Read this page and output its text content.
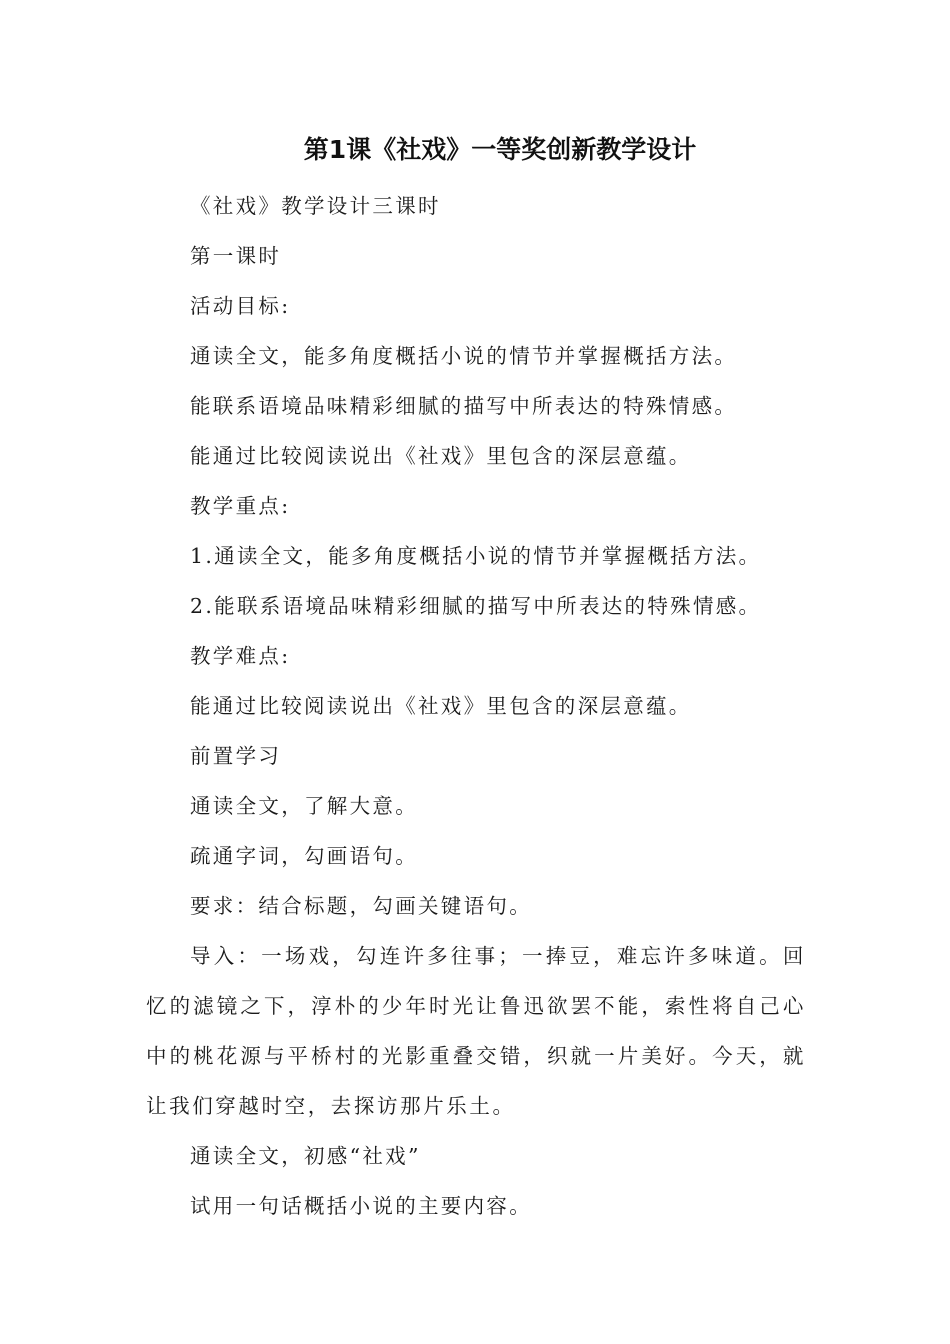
第1课《社戏》一等奖创新教学设计

《社戏》教学设计三课时

第一课时

活动目标:

通读全文，能多角度概括小说的情节并掌握概括方法。

能联系语境品味精彩细腻的描写中所表达的特殊情感。

能通过比较阅读说出《社戏》里包含的深层意蕴。

教学重点:

1.通读全文，能多角度概括小说的情节并掌握概括方法。

2.能联系语境品味精彩细腻的描写中所表达的特殊情感。

教学难点:

能通过比较阅读说出《社戏》里包含的深层意蕴。

前置学习

通读全文，了解大意。

疏通字词，勾画语句。

要求：结合标题，勾画关键语句。

导入：一场戏，勾连许多往事；一捧豆，难忘许多味道。回忆的滤镜之下，淳朴的少年时光让鲁迅欲罢不能，索性将自己心中的桃花源与平桥村的光影重叠交错，织就一片美好。今天，就让我们穿越时空，去探访那片乐土。

通读全文，初感“社戏”

试用一句话概括小说的主要内容。
